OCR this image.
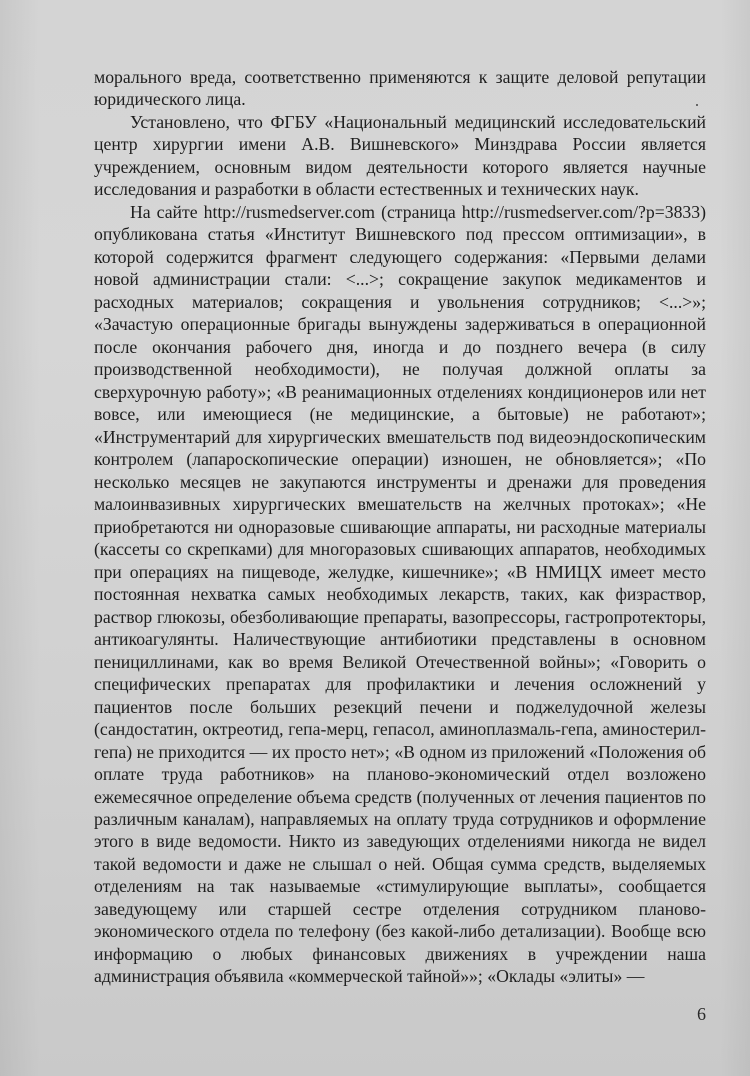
морального вреда, соответственно применяются к защите деловой репутации юридического лица.

Установлено, что ФГБУ «Национальный медицинский исследовательский центр хирургии имени А.В. Вишневского» Минздрава России является учреждением, основным видом деятельности которого является научные исследования и разработки в области естественных и технических наук.

На сайте http://rusmedserver.com (страница http://rusmedserver.com/?p=3833) опубликована статья «Институт Вишневского под прессом оптимизации», в которой содержится фрагмент следующего содержания: «Первыми делами новой администрации стали: <...>; сокращение закупок медикаментов и расходных материалов; сокращения и увольнения сотрудников; <...>»; «Зачастую операционные бригады вынуждены задерживаться в операционной после окончания рабочего дня, иногда и до позднего вечера (в силу производственной необходимости), не получая должной оплаты за сверхурочную работу»; «В реанимационных отделениях кондиционеров или нет вовсе, или имеющиеся (не медицинские, а бытовые) не работают»; «Инструментарий для хирургических вмешательств под видеоэндоскопическим контролем (лапароскопические операции) изношен, не обновляется»; «По несколько месяцев не закупаются инструменты и дренажи для проведения малоинвазивных хирургических вмешательств на желчных протоках»; «Не приобретаются ни одноразовые сшивающие аппараты, ни расходные материалы (кассеты со скрепками) для многоразовых сшивающих аппаратов, необходимых при операциях на пищеводе, желудке, кишечнике»; «В НМИЦХ имеет место постоянная нехватка самых необходимых лекарств, таких, как физраствор, раствор глюкозы, обезболивающие препараты, вазопрессоры, гастропротекторы, антикоагулянты. Наличествующие антибиотики представлены в основном пенициллинами, как во время Великой Отечественной войны»; «Говорить о специфических препаратах для профилактики и лечения осложнений у пациентов после больших резекций печени и поджелудочной железы (сандостатин, октреотид, гепа-мерц, гепасол, аминоплазмаль-гепа, аминостерил-гепа) не приходится — их просто нет»; «В одном из приложений «Положения об оплате труда работников» на планово-экономический отдел возложено ежемесячное определение объема средств (полученных от лечения пациентов по различным каналам), направляемых на оплату труда сотрудников и оформление этого в виде ведомости. Никто из заведующих отделениями никогда не видел такой ведомости и даже не слышал о ней. Общая сумма средств, выделяемых отделениям на так называемые «стимулирующие выплаты», сообщается заведующему или старшей сестре отделения сотрудником планово-экономического отдела по телефону (без какой-либо детализации). Вообще всю информацию о любых финансовых движениях в учреждении наша администрация объявила «коммерческой тайной»»; «Оклады «элиты» —

6
